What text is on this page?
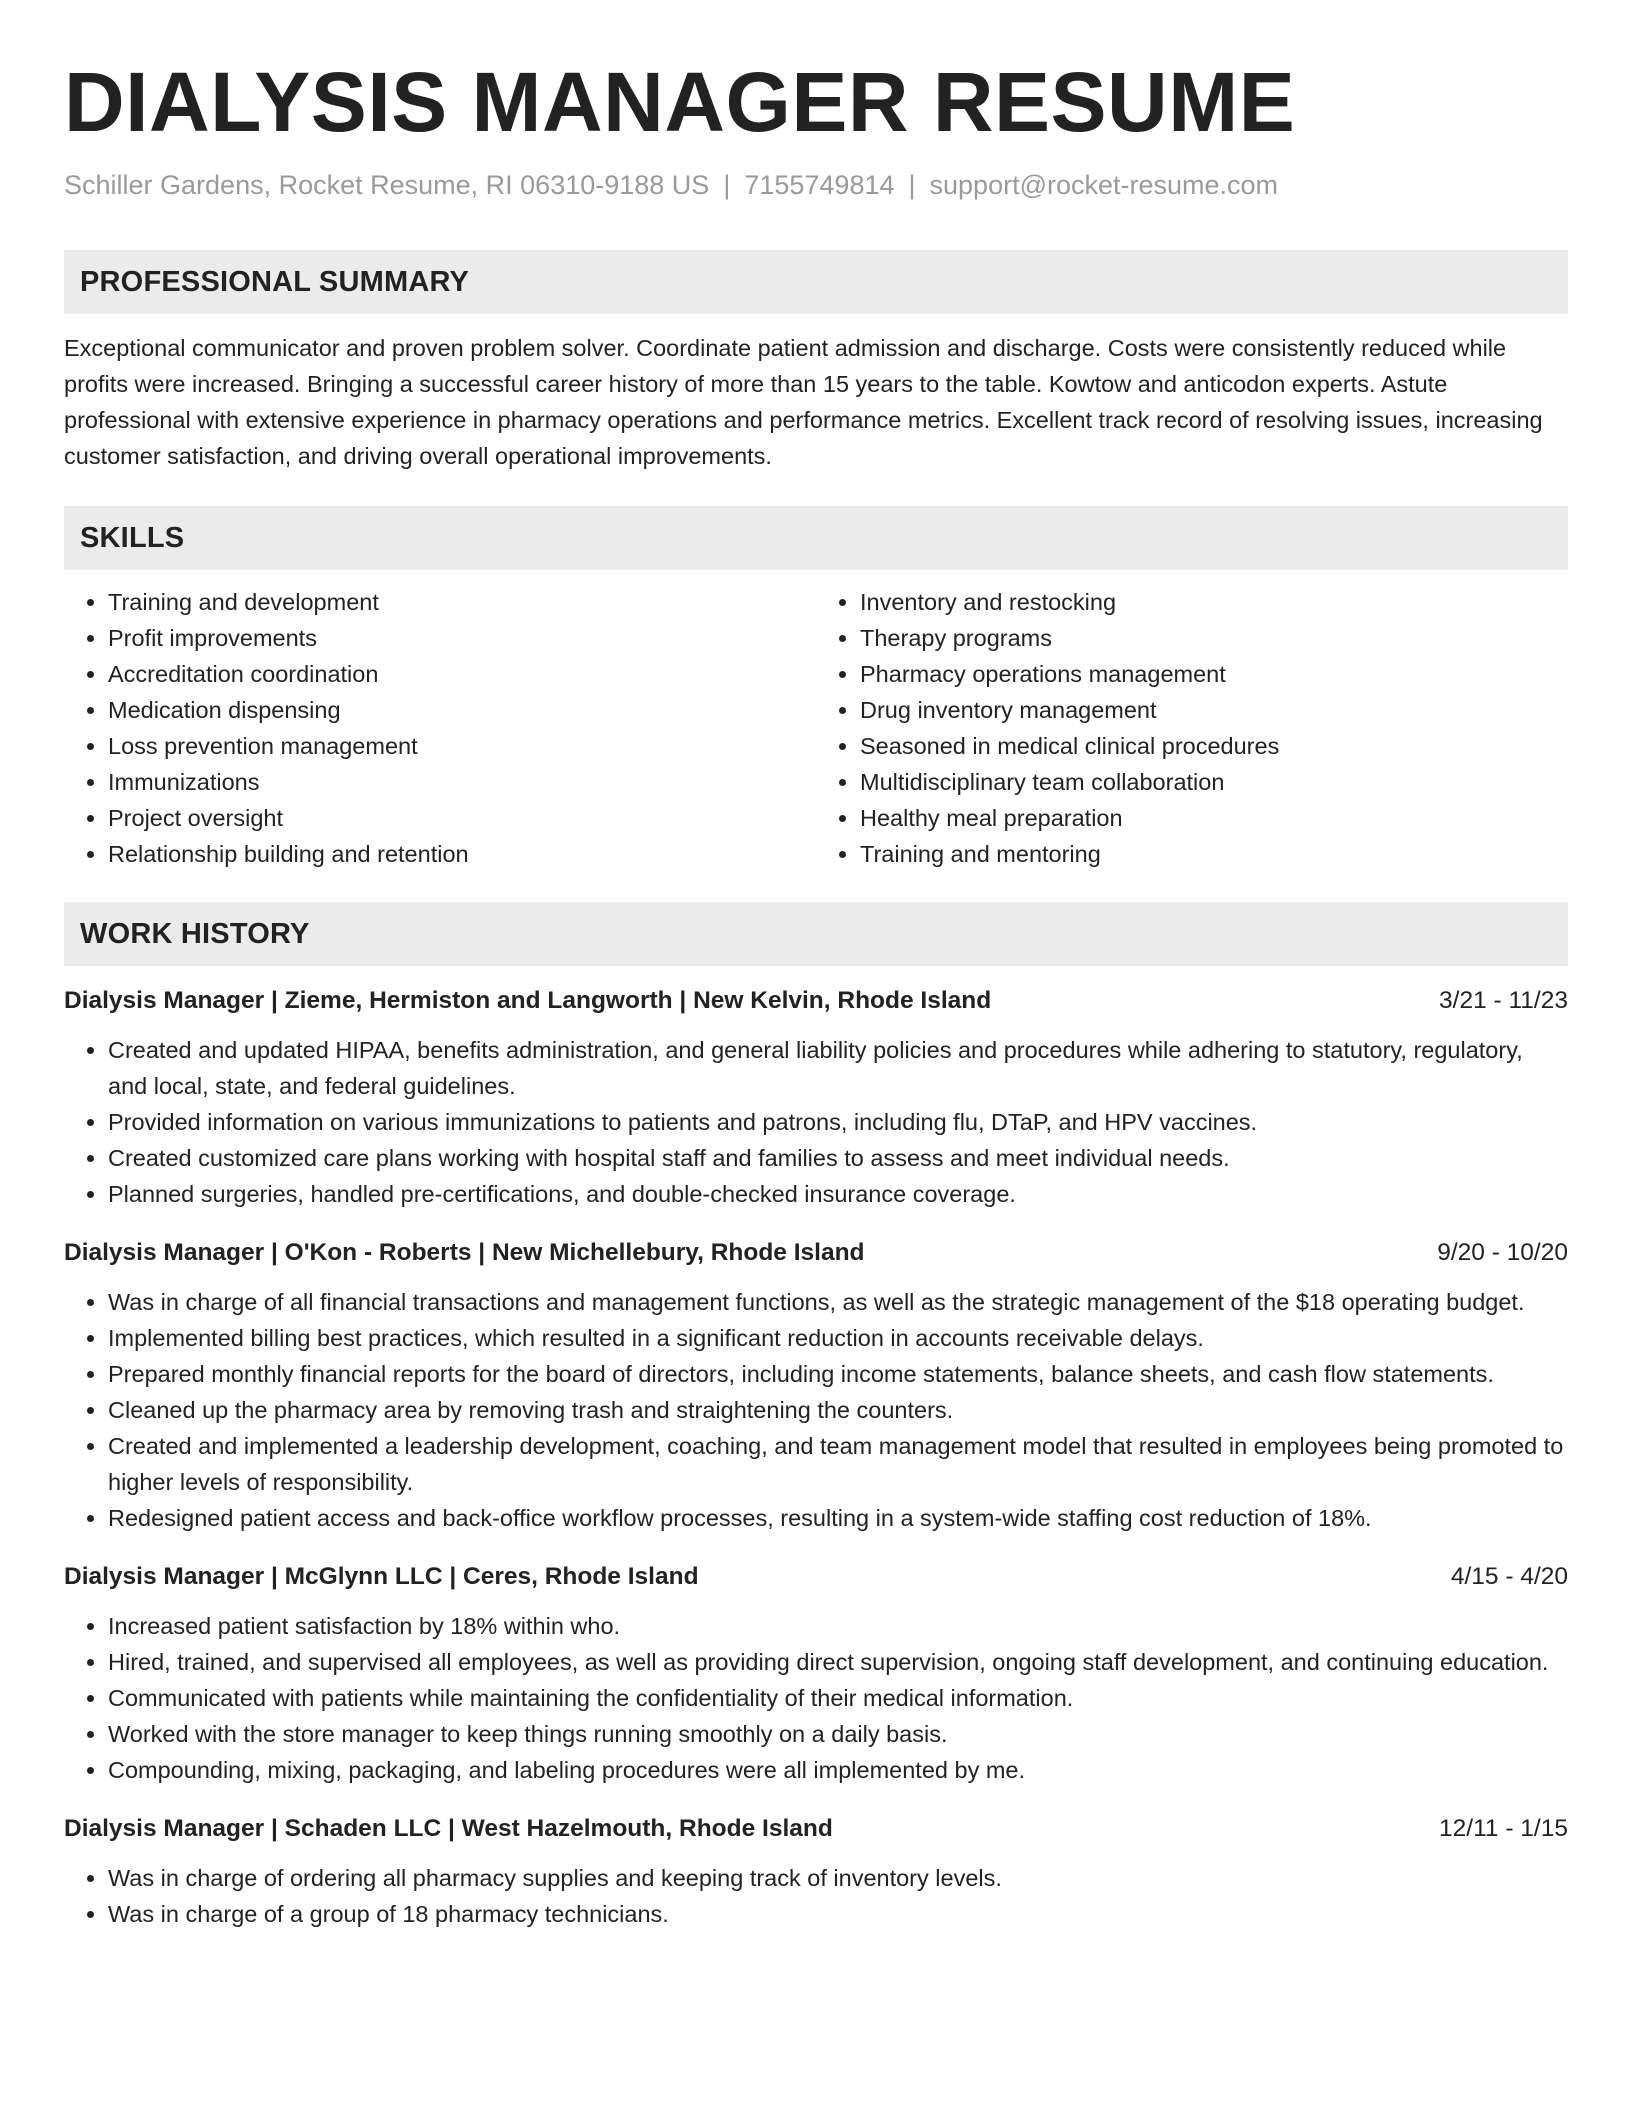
DIALYSIS MANAGER RESUME
Schiller Gardens, Rocket Resume, RI 06310-9188 US | 7155749814 | support@rocket-resume.com
PROFESSIONAL SUMMARY

Exceptional communicator and proven problem solver. Coordinate patient admission and discharge. Costs were consistently reduced while profits were increased. Bringing a successful career history of more than 15 years to the table. Kowtow and anticodon experts. Astute professional with extensive experience in pharmacy operations and performance metrics. Excellent track record of resolving issues, increasing customer satisfaction, and driving overall operational improvements.

SKILLS
• Training and development
• Profit improvements
• Accreditation coordination
• Medication dispensing
• Loss prevention management
• Immunizations
• Project oversight
• Relationship building and retention
• Inventory and restocking
• Therapy programs
• Pharmacy operations management
• Drug inventory management
• Seasoned in medical clinical procedures
• Multidisciplinary team collaboration
• Healthy meal preparation
• Training and mentoring
WORK HISTORY
Dialysis Manager | Zieme, Hermiston and Langworth | New Kelvin, Rhode Island	3/21 - 11/23
• Created and updated HIPAA, benefits administration, and general liability policies and procedures while adhering to statutory, regulatory, and local, state, and federal guidelines.
• Provided information on various immunizations to patients and patrons, including flu, DTaP, and HPV vaccines.
• Created customized care plans working with hospital staff and families to assess and meet individual needs.
• Planned surgeries, handled pre-certifications, and double-checked insurance coverage.
Dialysis Manager | O'Kon - Roberts | New Michellebury, Rhode Island	9/20 - 10/20
• Was in charge of all financial transactions and management functions, as well as the strategic management of the $18 operating budget.
• Implemented billing best practices, which resulted in a significant reduction in accounts receivable delays.
• Prepared monthly financial reports for the board of directors, including income statements, balance sheets, and cash flow statements.
• Cleaned up the pharmacy area by removing trash and straightening the counters.
• Created and implemented a leadership development, coaching, and team management model that resulted in employees being promoted to higher levels of responsibility.
• Redesigned patient access and back-office workflow processes, resulting in a system-wide staffing cost reduction of 18%.
Dialysis Manager | McGlynn LLC | Ceres, Rhode Island	4/15 - 4/20
• Increased patient satisfaction by 18% within who.
• Hired, trained, and supervised all employees, as well as providing direct supervision, ongoing staff development, and continuing education.
• Communicated with patients while maintaining the confidentiality of their medical information.
• Worked with the store manager to keep things running smoothly on a daily basis.
• Compounding, mixing, packaging, and labeling procedures were all implemented by me.
Dialysis Manager | Schaden LLC | West Hazelmouth, Rhode Island	12/11 - 1/15
• Was in charge of ordering all pharmacy supplies and keeping track of inventory levels.
• Was in charge of a group of 18 pharmacy technicians.
